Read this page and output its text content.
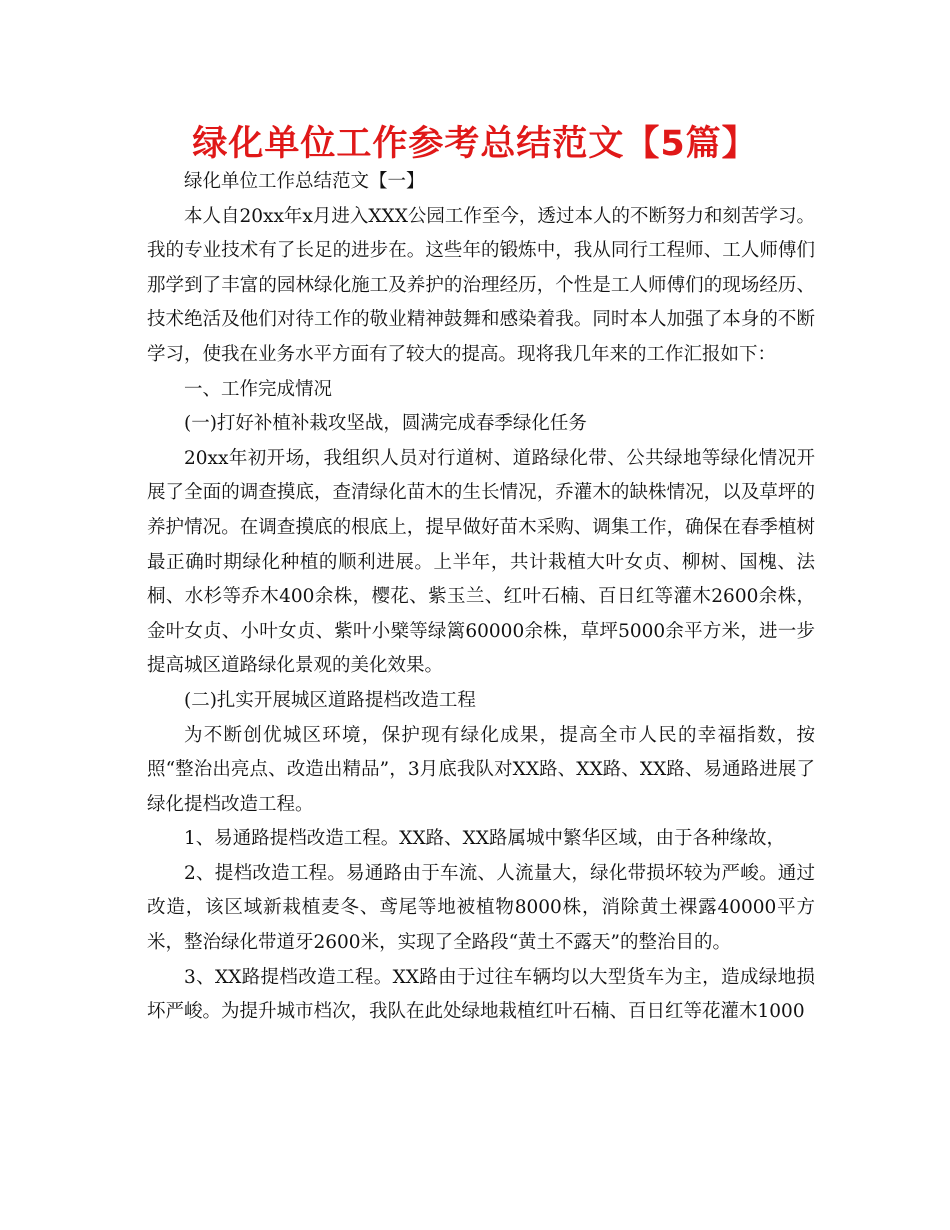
绿化单位工作参考总结范文【5篇】

绿化单位工作总结范文【一】

本人自20xx年x月进入XXX公园工作至今，透过本人的不断努力和刻苦学习。我的专业技术有了长足的进步在。这些年的锻炼中，我从同行工程师、工人师傅们那学到了丰富的园林绿化施工及养护的治理经历，个性是工人师傅们的现场经历、技术绝活及他们对待工作的敬业精神鼓舞和感染着我。同时本人加强了本身的不断学习，使我在业务水平方面有了较大的提高。现将我几年来的工作汇报如下：

一、工作完成情况

(一)打好补植补栽攻坚战，圆满完成春季绿化任务

20xx年初开场，我组织人员对行道树、道路绿化带、公共绿地等绿化情况开展了全面的调查摸底，查清绿化苗木的生长情况，乔灌木的缺株情况，以及草坪的养护情况。在调查摸底的根底上，提早做好苗木采购、调集工作，确保在春季植树最正确时期绿化种植的顺利进展。上半年，共计栽植大叶女贞、柳树、国槐、法桐、水杉等乔木400余株，樱花、紫玉兰、红叶石楠、百日红等灌木2600余株，金叶女贞、小叶女贞、紫叶小檗等绿篱60000余株，草坪5000余平方米，进一步提高城区道路绿化景观的美化效果。

(二)扎实开展城区道路提档改造工程

为不断创优城区环境，保护现有绿化成果，提高全市人民的幸福指数，按照“整治出亮点、改造出精品”，3月底我队对XX路、XX路、XX路、易通路进展了绿化提档改造工程。

1、易通路提档改造工程。XX路、XX路属城中繁华区域，由于各种缘故，

2、提档改造工程。易通路由于车流、人流量大，绿化带损坏较为严峻。通过改造，该区域新栽植麦冬、鸢尾等地被植物8000株，消除黄土裸露40000平方米，整治绿化带道牙2600米，实现了全路段“黄土不露天”的整治目的。

3、XX路提档改造工程。XX路由于过往车辆均以大型货车为主，造成绿地损坏严峻。为提升城市档次，我队在此处绿地栽植红叶石楠、百日红等花灌木1000
